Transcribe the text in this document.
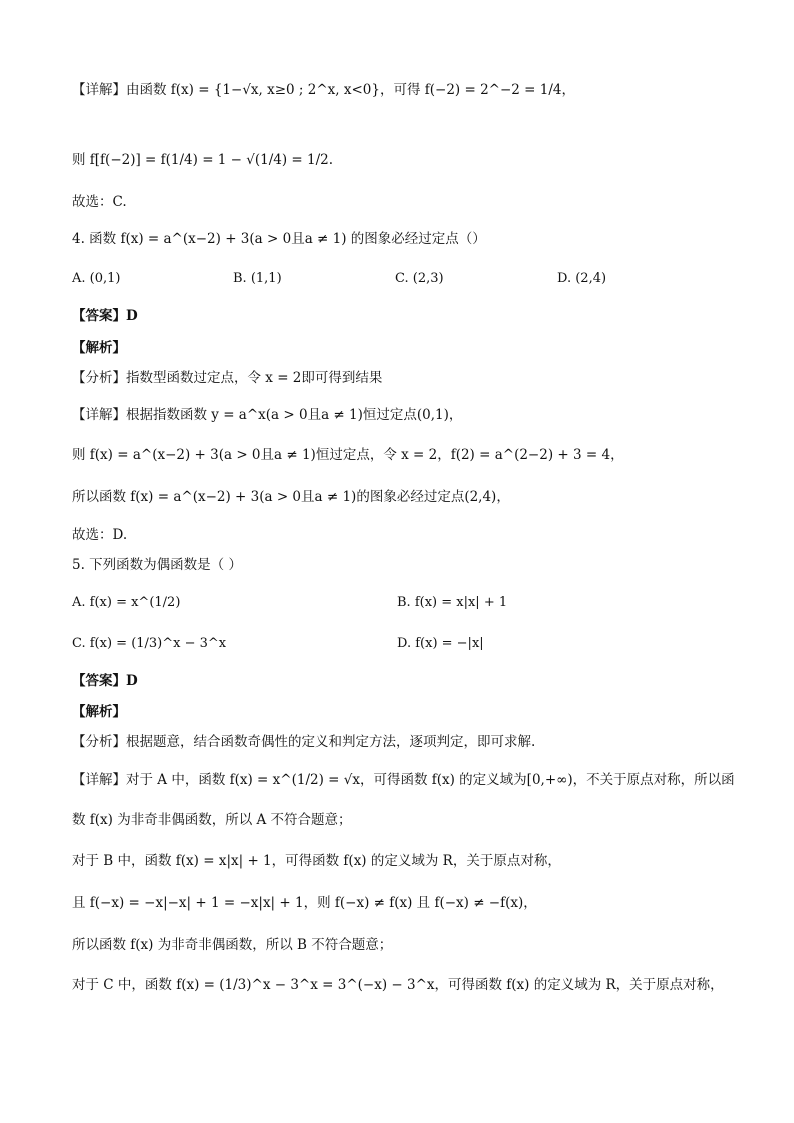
【详解】由函数 f(x) = {1−√x, x≥0 ; 2^x, x<0}，可得 f(−2) = 2^−2 = 1/4，
则 f[f(−2)] = f(1/4) = 1 − √(1/4) = 1/2.
故选：C.
4. 函数 f(x) = a^(x−2) + 3(a > 0且a ≠ 1) 的图象必经过定点（）
A. (0,1)	B. (1,1)	C. (2,3)	D. (2,4)
【答案】D
【解析】
【分析】指数型函数过定点，令 x = 2即可得到结果
【详解】根据指数函数 y = a^x(a > 0且a ≠ 1)恒过定点(0,1)，
则 f(x) = a^(x−2) + 3(a > 0且a ≠ 1)恒过定点，令 x = 2，f(2) = a^(2−2) + 3 = 4，
所以函数 f(x) = a^(x−2) + 3(a > 0且a ≠ 1)的图象必经过定点(2,4)，
故选：D.
5. 下列函数为偶函数是（ ）
A. f(x) = x^(1/2)	B. f(x) = x|x| + 1
C. f(x) = (1/3)^x − 3^x	D. f(x) = −|x|
【答案】D
【解析】
【分析】根据题意，结合函数奇偶性的定义和判定方法，逐项判定，即可求解.
【详解】对于 A 中，函数 f(x) = x^(1/2) = √x，可得函数 f(x) 的定义域为[0,+∞)，不关于原点对称，所以函
数 f(x) 为非奇非偶函数，所以 A 不符合题意；
对于 B 中，函数 f(x) = x|x| + 1，可得函数 f(x) 的定义域为 R，关于原点对称，
且 f(−x) = −x|−x| + 1 = −x|x| + 1，则 f(−x) ≠ f(x) 且 f(−x) ≠ −f(x)，
所以函数 f(x) 为非奇非偶函数，所以 B 不符合题意；
对于 C 中，函数 f(x) = (1/3)^x − 3^x = 3^(−x) − 3^x，可得函数 f(x) 的定义域为 R，关于原点对称，
